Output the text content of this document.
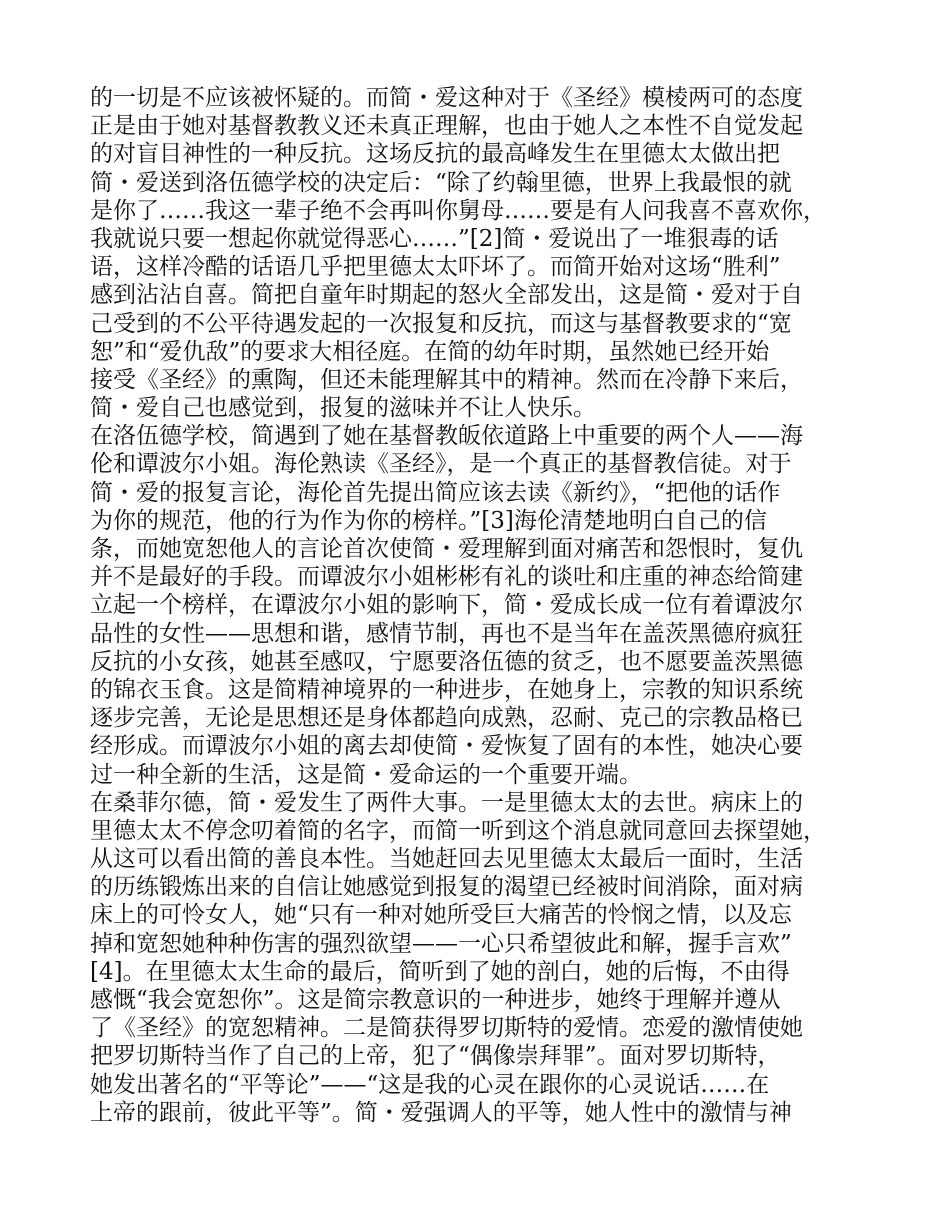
的一切是不应该被怀疑的。而简・爱这种对于《圣经》模棱两可的态度
正是由于她对基督教教义还未真正理解，也由于她人之本性不自觉发起
的对盲目神性的一种反抗。这场反抗的最高峰发生在里德太太做出把
简・爱送到洛伍德学校的决定后：“除了约翰里德，世界上我最恨的就
是你了……我这一辈子绝不会再叫你舅母……要是有人问我喜不喜欢你，
我就说只要一想起你就觉得恶心……”[2]简・爱说出了一堆狠毒的话
语，这样冷酷的话语几乎把里德太太吓坏了。而简开始对这场“胜利”
感到沾沾自喜。简把自童年时期起的怒火全部发出，这是简・爱对于自
己受到的不公平待遇发起的一次报复和反抗，而这与基督教要求的“宽
恕”和“爱仇敌”的要求大相径庭。在简的幼年时期，虽然她已经开始
接受《圣经》的熏陶，但还未能理解其中的精神。然而在冷静下来后，
简・爱自己也感觉到，报复的滋味并不让人快乐。
在洛伍德学校，简遇到了她在基督教皈依道路上中重要的两个人——海
伦和谭波尔小姐。海伦熟读《圣经》，是一个真正的基督教信徒。对于
简・爱的报复言论，海伦首先提出简应该去读《新约》，“把他的话作
为你的规范，他的行为作为你的榜样。”[3]海伦清楚地明白自己的信
条，而她宽恕他人的言论首次使简・爱理解到面对痛苦和怨恨时，复仇
并不是最好的手段。而谭波尔小姐彬彬有礼的谈吐和庄重的神态给简建
立起一个榜样，在谭波尔小姐的影响下，简・爱成长成一位有着谭波尔
品性的女性——思想和谐，感情节制，再也不是当年在盖茨黑德府疯狂
反抗的小女孩，她甚至感叹，宁愿要洛伍德的贫乏，也不愿要盖茨黑德
的锦衣玉食。这是简精神境界的一种进步，在她身上，宗教的知识系统
逐步完善，无论是思想还是身体都趋向成熟，忍耐、克己的宗教品格已
经形成。而谭波尔小姐的离去却使简・爱恢复了固有的本性，她决心要
过一种全新的生活，这是简・爱命运的一个重要开端。
在桑菲尔德，简・爱发生了两件大事。一是里德太太的去世。病床上的
里德太太不停念叨着简的名字，而简一听到这个消息就同意回去探望她，
从这可以看出简的善良本性。当她赶回去见里德太太最后一面时，生活
的历练锻炼出来的自信让她感觉到报复的渴望已经被时间消除，面对病
床上的可怜女人，她“只有一种对她所受巨大痛苦的怜悯之情，以及忘
掉和宽恕她种种伤害的强烈欲望——一心只希望彼此和解，握手言欢”
[4]。在里德太太生命的最后，简听到了她的剖白，她的后悔，不由得
感慨“我会宽恕你”。这是简宗教意识的一种进步，她终于理解并遵从
了《圣经》的宽恕精神。二是简获得罗切斯特的爱情。恋爱的激情使她
把罗切斯特当作了自己的上帝，犯了“偶像崇拜罪”。面对罗切斯特，
她发出著名的“平等论”——“这是我的心灵在跟你的心灵说话……在
上帝的跟前，彼此平等”。简・爱强调人的平等，她人性中的激情与神
